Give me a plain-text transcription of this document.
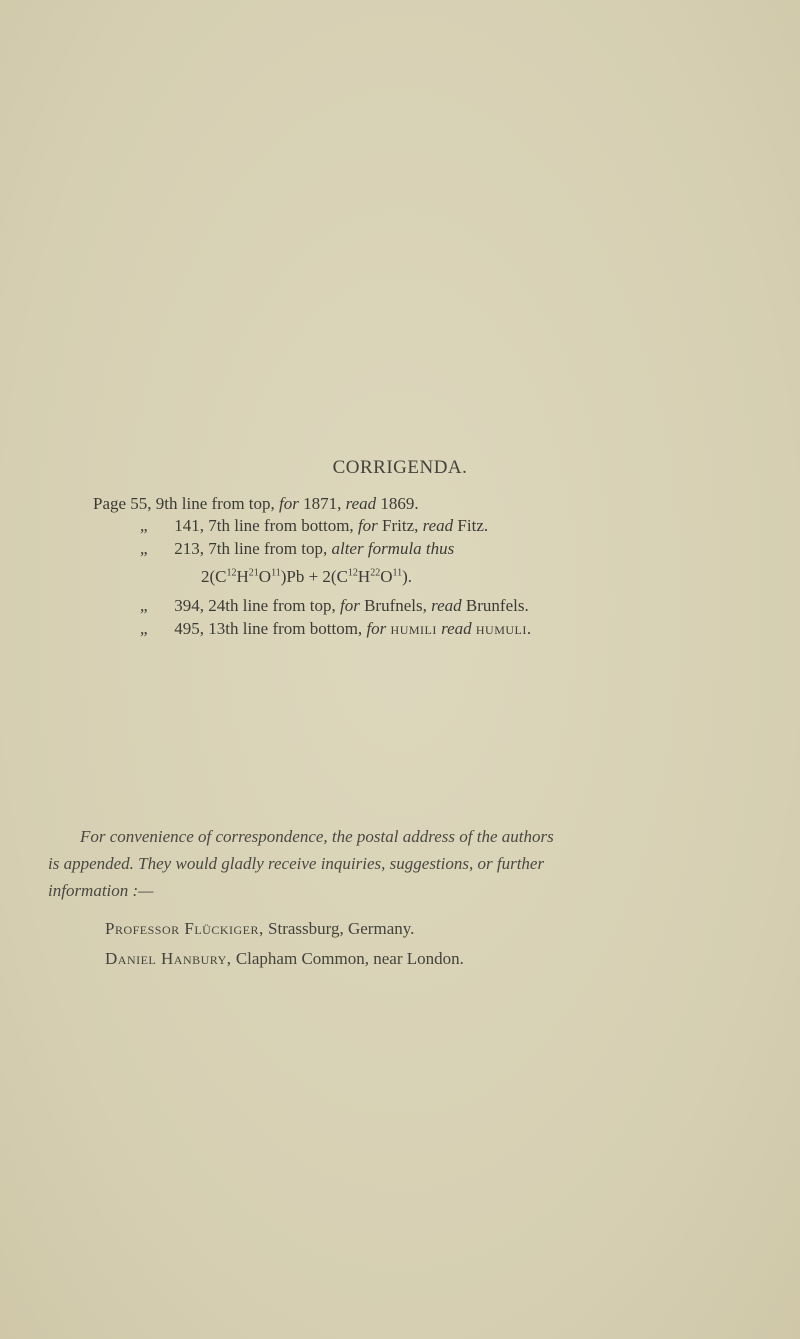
CORRIGENDA.
Page 55, 9th line from top, for 1871, read 1869.
„ 141, 7th line from bottom, for Fritz, read Fitz.
„ 213, 7th line from top, alter formula thus
$2(C^{12}H^{21}O^{11})Pb + 2(C^{12}H^{22}O^{11})$.
„ 394, 24th line from top, for Brufnels, read Brunfels.
„ 495, 13th line from bottom, for humili read humuli.
For convenience of correspondence, the postal address of the authors
is appended. They would gladly receive inquiries, suggestions, or further
information :—
Professor Flückiger, Strassburg, Germany.
Daniel Hanbury, Clapham Common, near London.
